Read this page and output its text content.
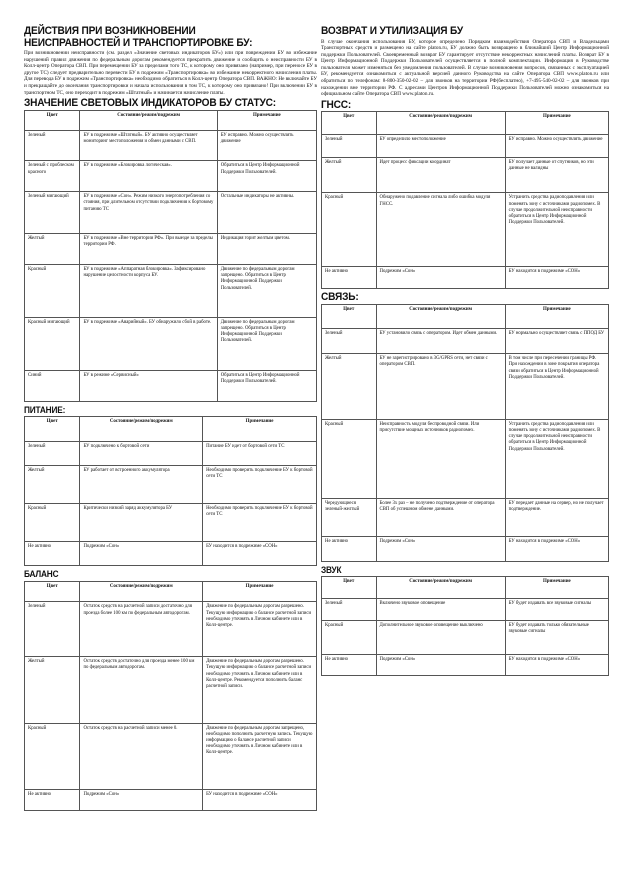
ДЕЙСТВИЯ ПРИ ВОЗНИКНОВЕНИИ НЕИСПРАВНОСТЕЙ И ТРАНСПОРТИРОВКЕ БУ:

При возникновении неисправности (см. раздел «Значение световых индикаторов БУ») или при повреждении БУ во избежание нарушений правил движения по федеральным дорогам рекомендуется прекратить движение и сообщить о неисправности БУ в Колл-центр Оператора СВП. При перемещении БУ за пределами того ТС, к которому оно привязано (например, при переносе БУ в другое ТС) следует предварительно перевести БУ в подрежим «Транспортировка» во избежание некорректного начисления платы. Для перевода БУ в подрежим «Транспортировка» необходимо обратиться в Колл-центр Оператора СВП. ВАЖНО: Не включайте БУ и прекращайте до окончания транспортировки и начала использования в том ТС, к которому оно привязано! При включении БУ в транспортном ТС, оно переходит в подрежим «Штатный» и начинается начисление платы.

ЗНАЧЕНИЕ СВЕТОВЫХ ИНДИКАТОРОВ БУ СТАТУС:
Цвет	Состояние/режим/подрежим	Примечание
Зеленый	БУ в подрежиме «Штатный». БУ активно осуществляет мониторинг местоположения и обмен данными с СВП.	БУ исправно. Можно осуществлять движение
Зеленый с проблеском красного	БУ в подрежиме «Блокировка логическая».	Обратиться в Центр Информационной Поддержки Пользователей.
Зеленый мигающий	БУ в подрежиме «Сон». Режим низкого энергопотребления со стояния, при длительном отсутствии подключения к бортовому питанию ТС	Остальные индикаторы не активны.
Желтый	БУ в подрежиме «Вне территории РФ». При выезде за пределы территории РФ.	Индикация горит желтым цветом.
Красный	БУ в подрежиме «Аппаратная блокировка». Зафиксировано нарушение целостности корпуса БУ.	Движение по федеральным дорогам запрещено. Обратиться в Центр Информационной Поддержки Пользователей.
Красный мигающий	БУ в подрежиме «Аварийный». БУ обнаружило сбой в работе.	Движение по федеральным дорогам запрещено. Обратиться в Центр Информационной Поддержки Пользователей.
Синий	БУ в режиме «Сервисный»	Обратиться в Центр Информационной Поддержки Пользователей.
ПИТАНИЕ:
Цвет	Состояние/режим/подрежим	Примечание
Зеленый	БУ подключено к бортовой сети	Питание БУ идет от бортовой сети ТС
Желтый	БУ работает от встроенного аккумулятора	Необходимо проверить подключение БУ к бортовой сети ТС
Красный	Критически низкий заряд аккумулятора БУ	Необходимо проверить подключение БУ к бортовой сети ТС
Не активно	Подрежим «Сон»	БУ находится в подрежиме «СОН»
БАЛАНС
Цвет	Состояние/режим/подрежим	Примечание
Зеленый	Остаток средств на расчетной записи достаточно для проезда более 100 км по федеральным автодорогам.	Движение по федеральным дорогам разрешено. Текущую информацию о балансе расчетной записи необходимо уточнять в Личном кабинете или в Колл-центре.
Желтый	Остаток средств достаточно для проезда менее 100 км по федеральным автодорогам.	Движение по федеральным дорогам разрешено. Текущую информацию о балансе расчетной записи необходимо уточнять в Личном кабинете или в Колл-центре. Рекомендуется пополнить баланс расчетной записи.
Красный	Остаток средств на расчетной записи менее 0.	Движение по федеральным дорогам запрещено, необходимо пополнить расчетную запись. Текущую информацию о балансе расчетной записи необходимо уточнять в Личном кабинете или в Колл-центре.
Не активно	Подрежим «Сон»	БУ находится в подрежиме «СОН»
ВОЗВРАТ И УТИЛИЗАЦИЯ БУ

В случае окончания использования БУ, которое определено Порядком взаимодействия Оператора СВП и Владельцами Транспортных средств и размещено на сайте platon.ru, БУ должно быть возвращено в ближайший Центр Информационной поддержки Пользователей. Своевременный возврат БУ гарантирует отсутствие некорректных начислений платы. Возврат БУ в Центр Информационной Поддержки Пользователей осуществляется в полной комплектации. Информация в Руководстве пользователя может изменяться без уведомления пользователей. В случае возникновения вопросов, связанных с эксплуатацией БУ, рекомендуется ознакомиться с актуальной версией данного Руководства на сайте Оператора СВП www.platon.ru или обратиться по телефонам: 8-800-350-02-02 – для звонков на территории РФ(бесплатно), +7-495-540-02-02 – для звонков при нахождении вне территории РФ. С адресами Центров Информационной Поддержки Пользователей можно ознакомиться на официальном сайте Оператора СВП www.platon.ru.

ГНСС:
Цвет	Состояние/режим/подрежим	Примечание
Зеленый	БУ определило местоположение	БУ исправно. Можно осуществлять движение
Желтый	Идет процесс фиксации координат	БУ получает данные от спутников, но эти данные не валидны
Красный	Обнаружено подавление сигнала либо ошибка модуля ГНСС.	Устранить средства радиоподавления или поменять зону с источниками радиопомех. В случае продолжительной неисправности обратиться в Центр Информационной Поддержки Пользователей.
Не активно	Подрежим «Сон»	БУ находится в подрежиме «СОН»
СВЯЗЬ:
Цвет	Состояние/режим/подрежим	Примечание
Зеленый	БУ установило связь с оператором. Идет обмен данными.	БУ нормально осуществляет связь с ППОД БУ
Желтый	БУ не зарегистрировано в 3G/GPRS сети, нет связи с оператором СВП.	В том числе при пересечении границы РФ. При нахождении в зоне покрытия оператора связи обратиться в Центр Информационной Поддержки Пользователей.
Красный	Неисправность модуля беспроводной связи. Или присутствие мощных источников радиопомех.	Устранить средства радиоподавления или поменять зону с источниками радиопомех. В случае продолжительной неисправности обратиться в Центр Информационной Поддержки Пользователей.
Чередующиеся зеленый-желтый	Более 3х раз – не получено подтверждение от оператора СВП об успешном обмене данными.	БУ передает данные на сервер, но не получает подтверждение.
Не активно	Подрежим «Сон»	БУ находится в подрежиме «СОН»
ЗВУК
Цвет	Состояние/режим/подрежим	Примечание
Зеленый	Включено звуковое оповещение	БУ будет издавать все звуковые сигналы
Красный	Дополнительное звуковое оповещение выключено	БУ будет издавать только обязательные звуковые сигналы
Не активно	Подрежим «Сон»	БУ находится в подрежиме «СОН»
